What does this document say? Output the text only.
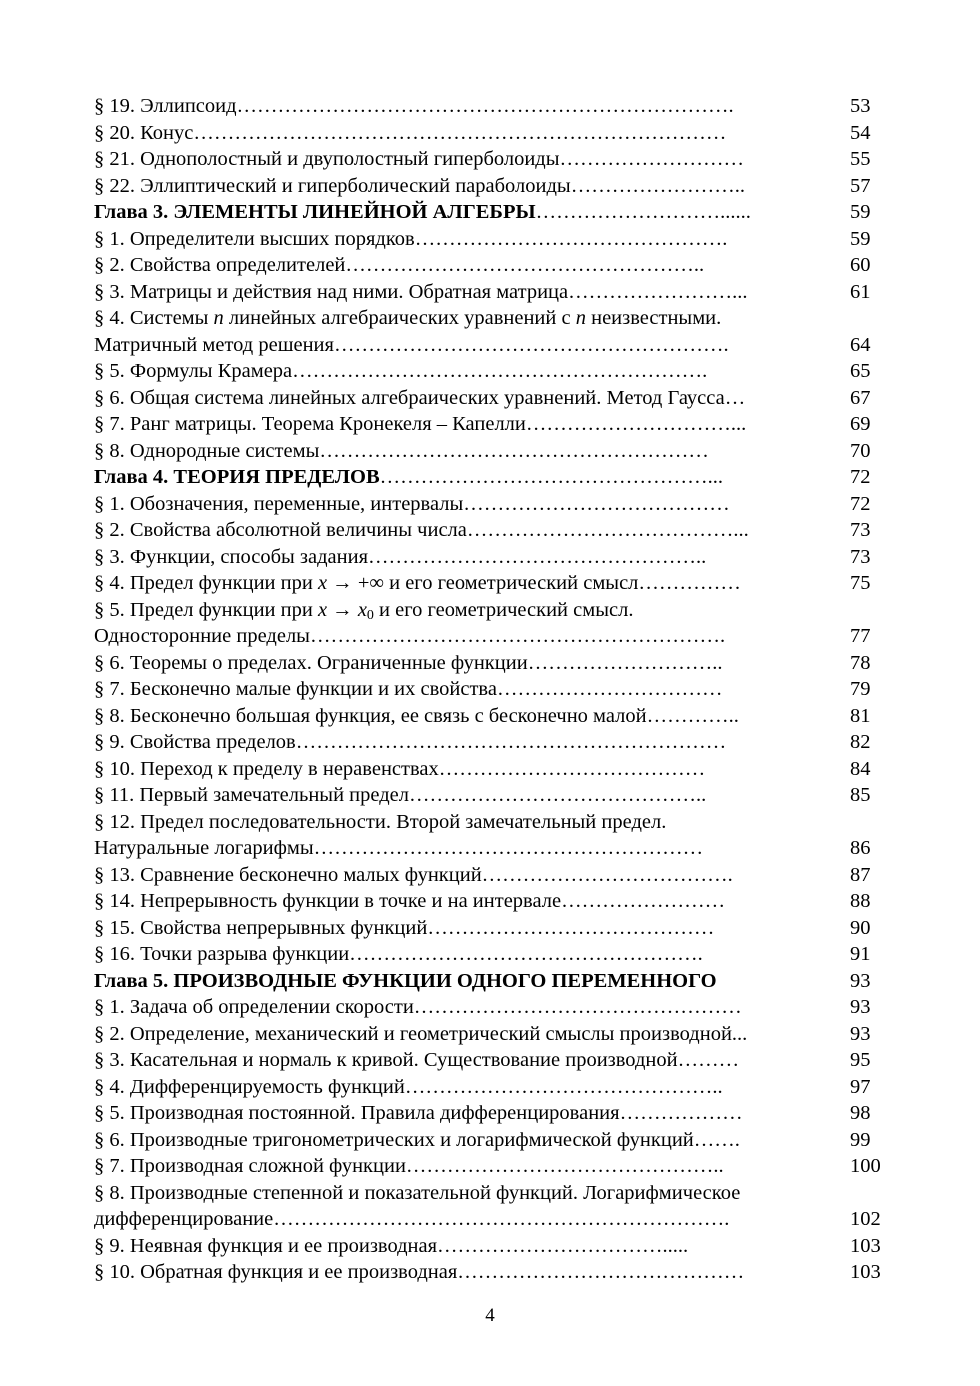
§ 19. Эллипсоид……………………………………………………………….	53
§ 20. Конус……………………………………………………………………	54
§ 21. Однополостный и двуполостный гиперболоиды………………………	55
§ 22. Эллиптический и гиперболический параболоиды……………………..	57
Глава 3. ЭЛЕМЕНТЫ ЛИНЕЙНОЙ АЛГЕБРЫ………………………......	59
§ 1. Определители высших порядков……………………………………….	59
§ 2. Свойства определителей……………………………………………..	60
§ 3. Матрицы и действия над ними. Обратная матрица……………………...	61
§ 4. Системы n линейных алгебраических уравнений с n неизвестными.
Матричный метод решения………………………………………………….	64
§ 5. Формулы Крамера…………………………………………………….	65
§ 6. Общая система линейных алгебраических уравнений. Метод Гаусса…	67
§ 7. Ранг матрицы. Теорема Кронекеля – Капелли…………………………...	69
§ 8. Однородные системы…………………………………………………	70
Глава 4. ТЕОРИЯ ПРЕДЕЛОВ…………………………………………...	72
§ 1. Обозначения, переменные, интервалы…………………………………	72
§ 2. Свойства абсолютной величины числа…………………………………...	73
§ 3. Функции, способы задания…………………………………………..	73
§ 4. Предел функции при x → +∞ и его геометрический смысл……………	75
§ 5. Предел функции при $x \to x_0$ и его геометрический смысл.
Односторонние пределы…………………………………………………….	77
§ 6. Теоремы о пределах. Ограниченные функции………………………..	78
§ 7. Бесконечно малые функции и их свойства……………………………	79
§ 8. Бесконечно большая функция, ее связь с бесконечно малой…………..	81
§ 9. Свойства пределов………………………………………………………	82
§ 10. Переход к пределу в неравенствах…………………………………	84
§ 11. Первый замечательный предел……………………………………..	85
§ 12. Предел последовательности. Второй замечательный предел.
Натуральные логарифмы…………………………………………………	86
§ 13. Сравнение бесконечно малых функций……………………………….	87
§ 14. Непрерывность функции в точке и на интервале……………………	88
§ 15. Свойства непрерывных функций……………………………………	90
§ 16. Точки разрыва функции…………………………………………….	91
Глава 5. ПРОИЗВОДНЫЕ ФУНКЦИИ ОДНОГО ПЕРЕМЕННОГО	93
§ 1. Задача об определении скорости…………………………………………	93
§ 2. Определение, механический и геометрический смыслы производной...	93
§ 3. Касательная и нормаль к кривой. Существование производной………	95
§ 4. Дифференцируемость функций………………………………………..	97
§ 5. Производная постоянной. Правила дифференцирования………………	98
§ 6. Производные тригонометрических и логарифмической функций…….	99
§ 7. Производная сложной функции………………………………………..	100
§ 8. Производные степенной и показательной функций. Логарифмическое
дифференцирование………………………………………………………….	102
§ 9. Неявная функция и ее производная…………………………….....	103
§ 10. Обратная функция и ее производная……………………………………	103
4
